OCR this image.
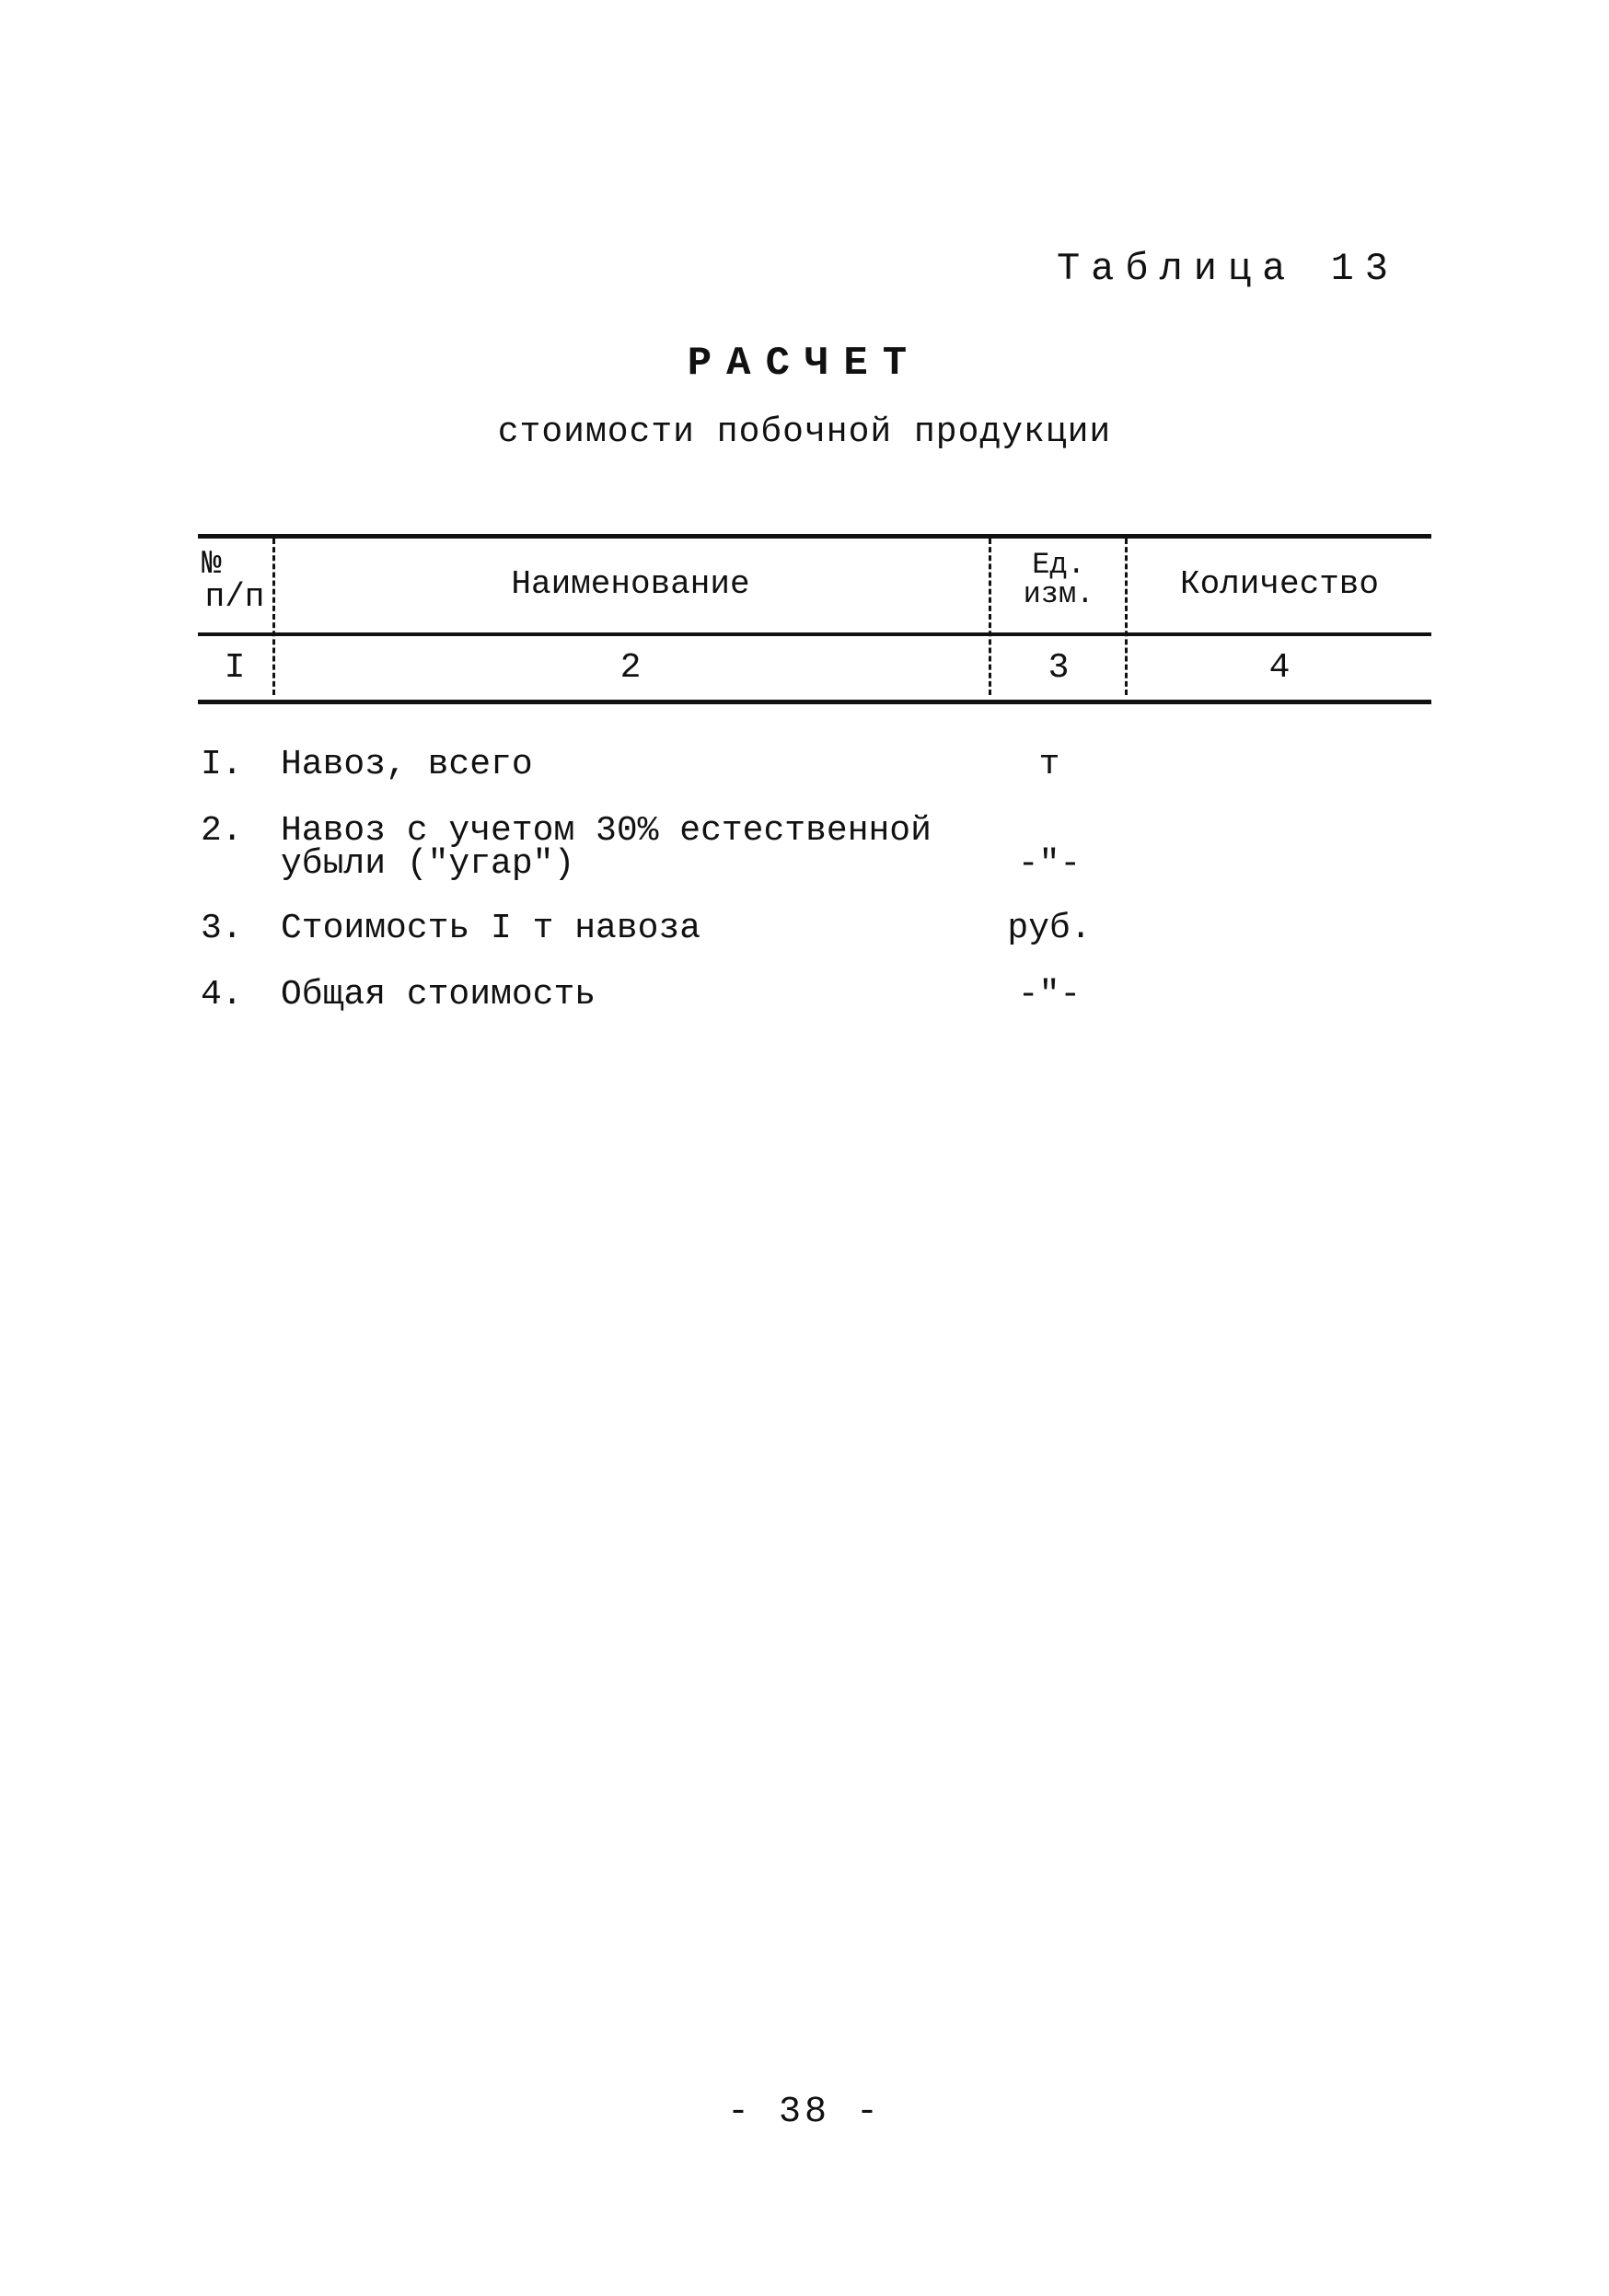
Таблица 13
РАСЧЕТ
стоимости побочной продукции
№
п/п	Наименование
Ед.
изм.	Количество
I	2	3	4
I. Навоз, всего	т
2. Навоз с учетом 30% естественной
убыли ("угар")	-"-
3. Стоимость I т навоза	руб.
4. Общая стоимость	-"-
- 38 -
